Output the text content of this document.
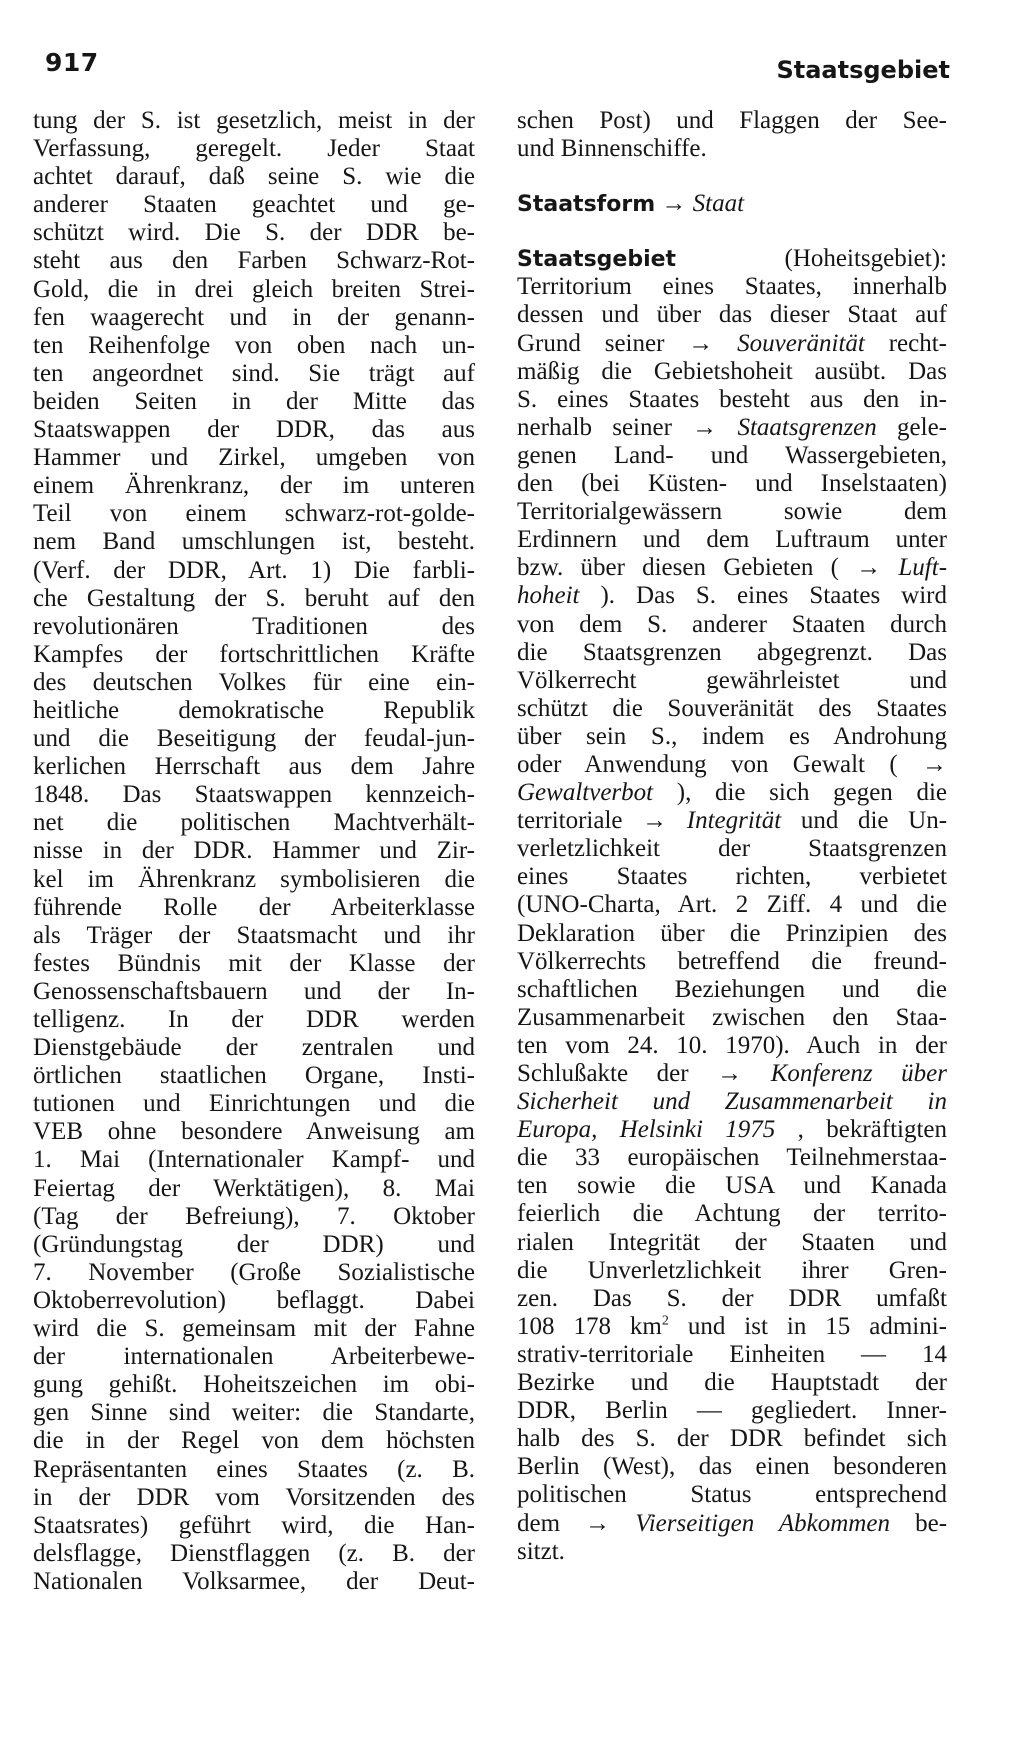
917	Staatsgebiet
tung der S. ist gesetzlich, meist in der
Verfassung, geregelt. Jeder Staat
achtet darauf, daß seine S. wie die
anderer Staaten geachtet und ge-
schützt wird. Die S. der DDR be-
steht aus den Farben Schwarz-Rot-
Gold, die in drei gleich breiten Strei-
fen waagerecht und in der genann-
ten Reihenfolge von oben nach un-
ten angeordnet sind. Sie trägt auf
beiden Seiten in der Mitte das
Staatswappen der DDR, das aus
Hammer und Zirkel, umgeben von
einem Ährenkranz, der im unteren
Teil von einem schwarz-rot-golde-
nem Band umschlungen ist, besteht.
(Verf. der DDR, Art. 1) Die farbli-
che Gestaltung der S. beruht auf den
revolutionären Traditionen des
Kampfes der fortschrittlichen Kräfte
des deutschen Volkes für eine ein-
heitliche demokratische Republik
und die Beseitigung der feudal-jun-
kerlichen Herrschaft aus dem Jahre
1848. Das Staatswappen kennzeich-
net die politischen Machtverhält-
nisse in der DDR. Hammer und Zir-
kel im Ährenkranz symbolisieren die
führende Rolle der Arbeiterklasse
als Träger der Staatsmacht und ihr
festes Bündnis mit der Klasse der
Genossenschaftsbauern und der In-
telligenz. In der DDR werden
Dienstgebäude der zentralen und
örtlichen staatlichen Organe, Insti-
tutionen und Einrichtungen und die
VEB ohne besondere Anweisung am
1. Mai (Internationaler Kampf- und
Feiertag der Werktätigen), 8. Mai
(Tag der Befreiung), 7. Oktober
(Gründungstag der DDR) und
7. November (Große Sozialistische
Oktoberrevolution) beflaggt. Dabei
wird die S. gemeinsam mit der Fahne
der internationalen Arbeiterbewe-
gung gehißt. Hoheitszeichen im obi-
gen Sinne sind weiter: die Standarte,
die in der Regel von dem höchsten
Repräsentanten eines Staates (z. B.
in der DDR vom Vorsitzenden des
Staatsrates) geführt wird, die Han-
delsflagge, Dienstflaggen (z. B. der
Nationalen Volksarmee, der Deut-
schen Post) und Flaggen der See-
und Binnenschiffe.
Staatsform → Staat
Staatsgebiet	(Hoheitsgebiet):
Territorium eines Staates, innerhalb
dessen und über das dieser Staat auf
Grund seiner → Souveränität recht-
mäßig die Gebietshoheit ausübt. Das
S. eines Staates besteht aus den in-
nerhalb seiner → Staatsgrenzen gele-
genen Land- und Wassergebieten,
den (bei Küsten- und Inselstaaten)
Territorialgewässern sowie dem
Erdinnern und dem Luftraum unter
bzw. über diesen Gebieten ( → Luft-
hoheit ). Das S. eines Staates wird
von dem S. anderer Staaten durch
die Staatsgrenzen abgegrenzt. Das
Völkerrecht gewährleistet und
schützt die Souveränität des Staates
über sein S., indem es Androhung
oder Anwendung von Gewalt ( →
Gewaltverbot ), die sich gegen die
territoriale → Integrität und die Un-
verletzlichkeit der Staatsgrenzen
eines Staates richten, verbietet
(UNO-Charta, Art. 2 Ziff. 4 und die
Deklaration über die Prinzipien des
Völkerrechts betreffend die freund-
schaftlichen Beziehungen und die
Zusammenarbeit zwischen den Staa-
ten vom 24. 10. 1970). Auch in der
Schlußakte der → Konferenz über
Sicherheit und Zusammenarbeit in
Europa, Helsinki 1975 , bekräftigten
die 33 europäischen Teilnehmerstaa-
ten sowie die USA und Kanada
feierlich die Achtung der territo-
rialen Integrität der Staaten und
die Unverletzlichkeit ihrer Gren-
zen. Das S. der DDR umfaßt
108 178 $km^2$ und ist in 15 admini-
strativ-territoriale Einheiten — 14
Bezirke und die Hauptstadt der
DDR, Berlin — gegliedert. Inner-
halb des S. der DDR befindet sich
Berlin (West), das einen besonderen
politischen Status entsprechend
dem → Vierseitigen Abkommen be-
sitzt.
